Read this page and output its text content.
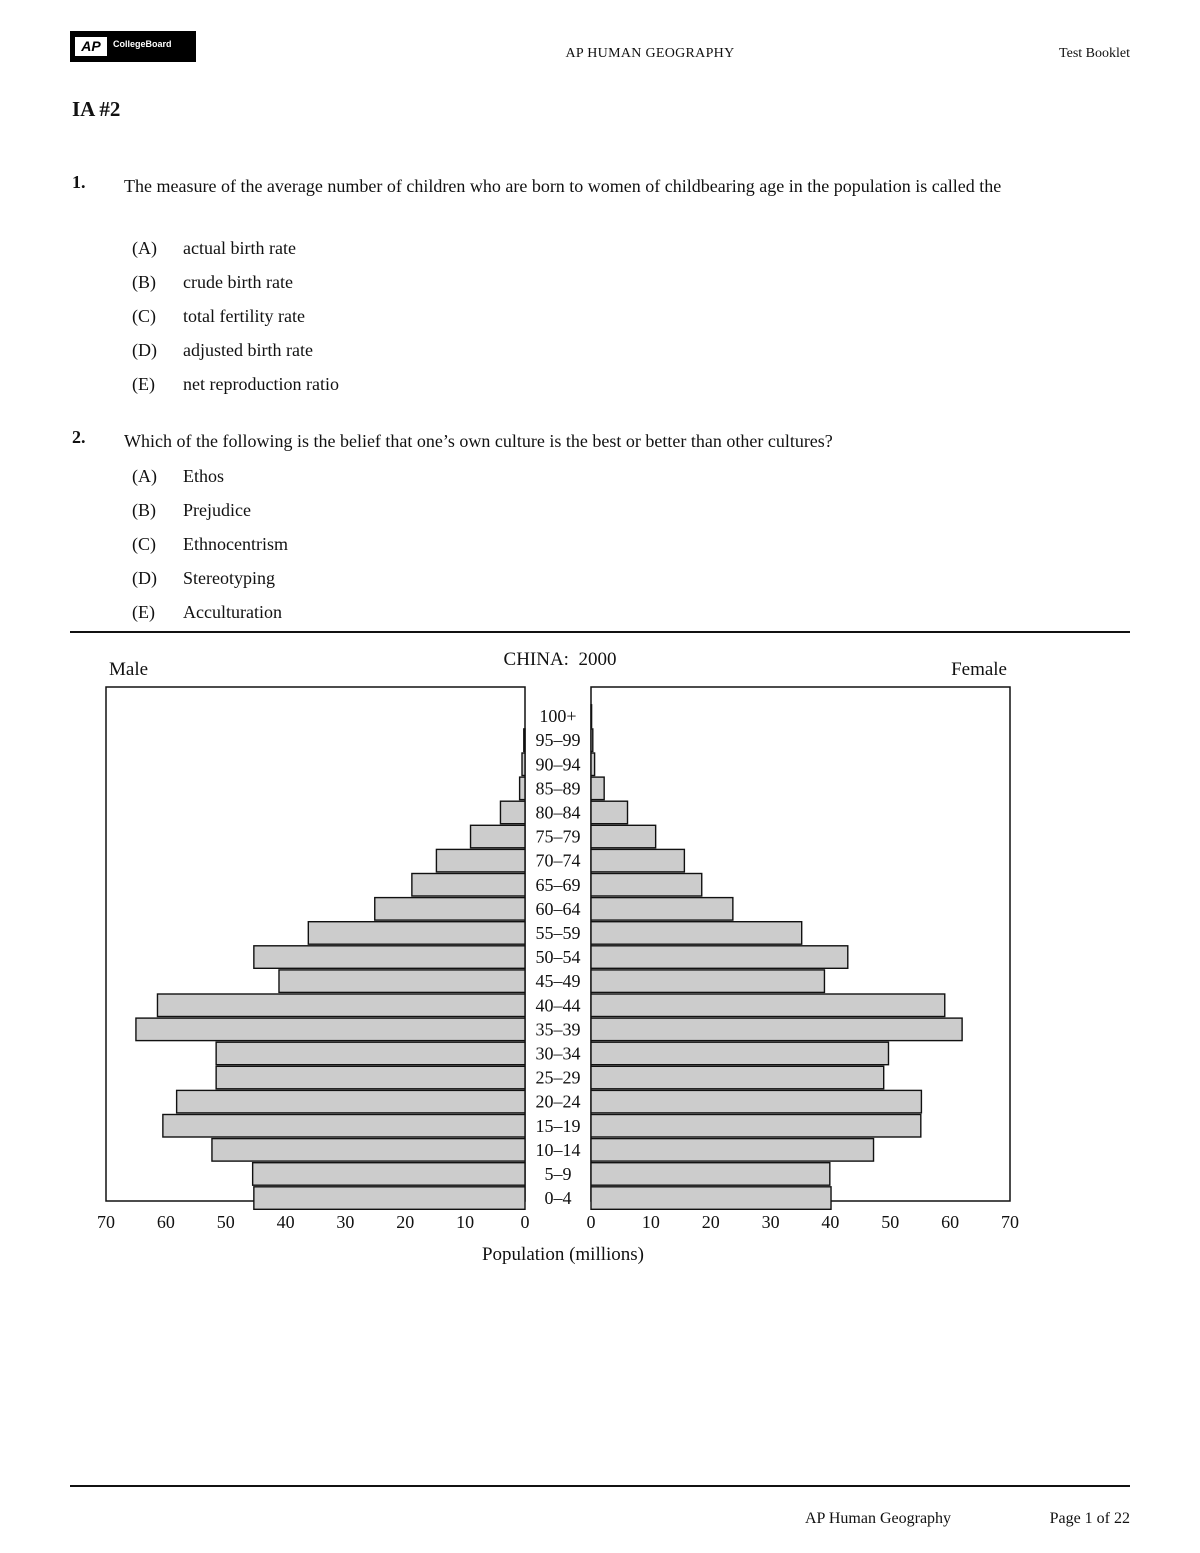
AP	CollegeBoard
AP HUMAN GEOGRAPHY	Test Booklet
IA #2
1. The measure of the average number of children who are born to women of childbearing age in the population is called the
(A)	actual birth rate
(B)	crude birth rate
(C)	total fertility rate
(D)	adjusted birth rate
(E)	net reproduction ratio
2. Which of the following is the belief that one’s own culture is the best or better than other cultures?
(A)	Ethos
(B)	Prejudice
(C)	Ethnocentrism
(D)	Stereotyping
(E)	Acculturation
100+
95–99
90–94
85–89
80–84
75–79
70–74
65–69
60–64
55–59
50–54
45–49
40–44
35–39
30–34
25–29
20–24
15–19
10–14
5–9
0–4
0	0
10	10
20	20
30	30
40	40
50	50
60	60
70	70
CHINA:  2000
Male	Female
Population (millions)
AP Human Geography	Page 1 of 22
